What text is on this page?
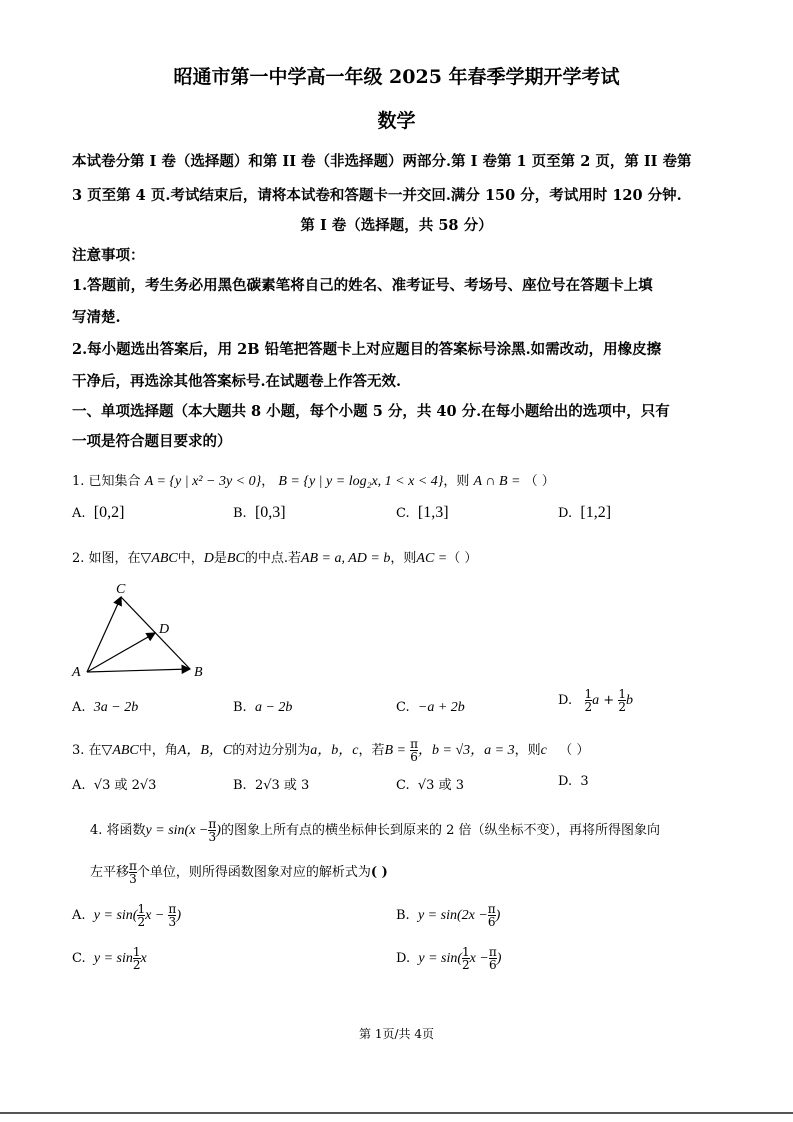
昭通市第一中学高一年级 2025 年春季学期开学考试
数学
本试卷分第 I 卷（选择题）和第 II 卷（非选择题）两部分.第 I 卷第 1 页至第 2 页，第 II 卷第
3 页至第 4 页.考试结束后，请将本试卷和答题卡一并交回.满分 150 分，考试用时 120 分钟.
第 I 卷（选择题，共 58 分）
注意事项：
1.答题前，考生务必用黑色碳素笔将自己的姓名、准考证号、考场号、座位号在答题卡上填
写清楚.
2.每小题选出答案后，用 2B 铅笔把答题卡上对应题目的答案标号涂黑.如需改动，用橡皮擦
干净后，再选涂其他答案标号.在试题卷上作答无效.
一、单项选择题（本大题共 8 小题，每个小题 5 分，共 40 分.在每小题给出的选项中，只有
一项是符合题目要求的）
1. 已知集合 A = {y | x² − 3y < 0}， B = {y | y = log₂x, 1 < x < 4}，则 A ∩ B = （ ）
A. [0,2]	B. [0,3]	C. [1,3]	D. [1,2]
2. 如图，在▽ABC中，D是BC的中点.若AB = a, AD = b，则AC =（ ）
A	B
C
D
A. 3a − 2b	B. a − 2b	C. −a + 2b	D. $\frac{1}{2}$ $a + \frac{1}{2}$ b
3. 在▽ABC中，角A，B，C的对边分别为a，b，c，若$B = \frac{\pi}{6}$ ，b = √3，a = 3，则c （ ）
A. √3 或 2√3	B. 2√3 或 3	C. √3 或 3	D. 3
4. 将函数$y = \sin(x - \frac{\pi}{3}$ )的图象上所有点的横坐标伸长到原来的 2 倍（纵坐标不变），再将所得图象向
左平移 $\frac{\pi}{3}$ 个单位，则所得函数图象对应的解析式为( )
A. $y = \sin( \frac{1}{2}$ $x - \frac{\pi}{3}$ )	B. $y = \sin(2x - \frac{\pi}{6}$ )
C. $y = \sin \frac{1}{2}$ x	D. $y = \sin( \frac{1}{2}$ $x - \frac{\pi}{6}$ )
第 1页/共 4页
